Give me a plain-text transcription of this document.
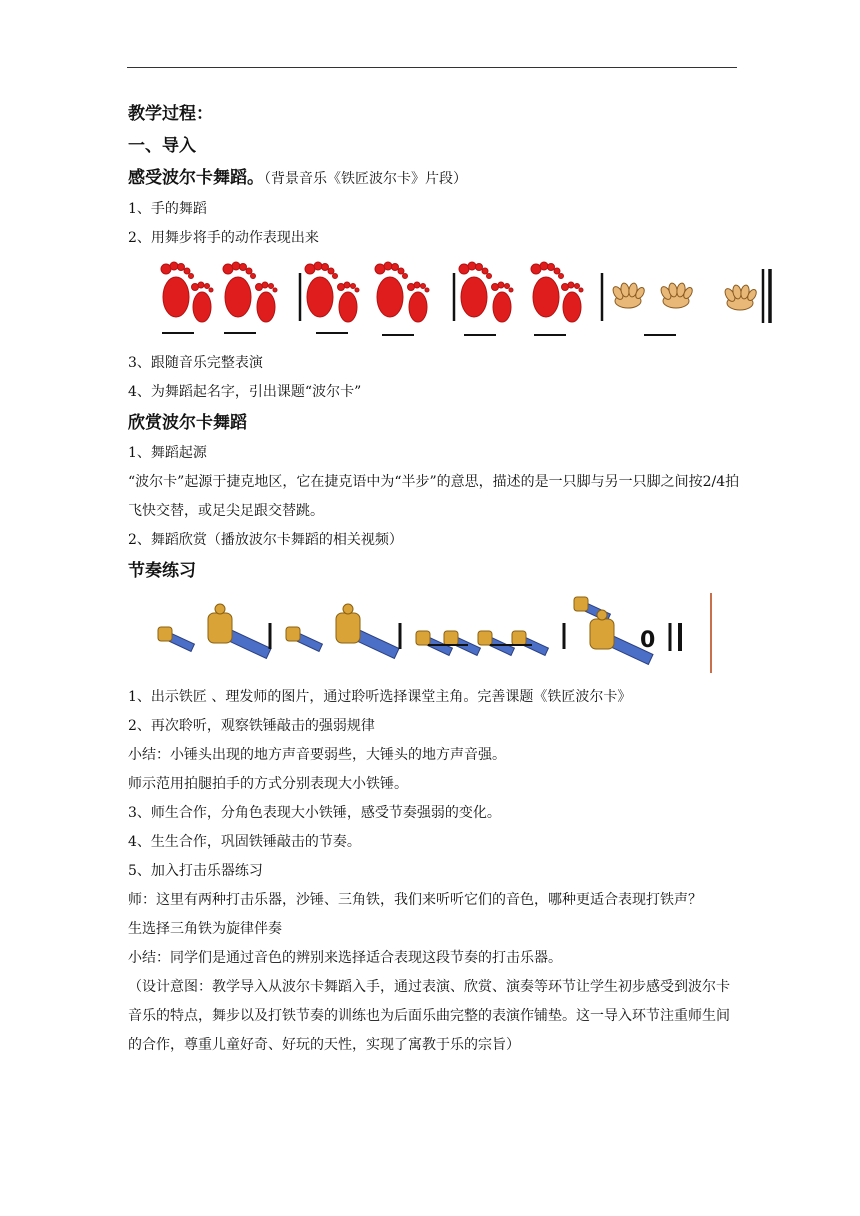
教学过程：
一、导入
感受波尔卡舞蹈。（背景音乐《铁匠波尔卡》片段）
1、手的舞蹈
2、用舞步将手的动作表现出来
3、跟随音乐完整表演
4、为舞蹈起名字，引出课题“波尔卡”
欣赏波尔卡舞蹈
1、舞蹈起源
“波尔卡”起源于捷克地区，它在捷克语中为“半步”的意思，描述的是一只脚与另一只脚之间按2/4拍飞快交替，或足尖足跟交替跳。
2、舞蹈欣赏（播放波尔卡舞蹈的相关视频）
节奏练习
0
1、出示铁匠 、理发师的图片，通过聆听选择课堂主角。完善课题《铁匠波尔卡》
2、再次聆听，观察铁锤敲击的强弱规律
小结：小锤头出现的地方声音要弱些，大锤头的地方声音强。
师示范用拍腿拍手的方式分别表现大小铁锤。
3、师生合作，分角色表现大小铁锤，感受节奏强弱的变化。
4、生生合作，巩固铁锤敲击的节奏。
5、加入打击乐器练习
师：这里有两种打击乐器，沙锤、三角铁，我们来听听它们的音色，哪种更适合表现打铁声？
生选择三角铁为旋律伴奏
小结：同学们是通过音色的辨别来选择适合表现这段节奏的打击乐器。
（设计意图：教学导入从波尔卡舞蹈入手，通过表演、欣赏、演奏等环节让学生初步感受到波尔卡音乐的特点，舞步以及打铁节奏的训练也为后面乐曲完整的表演作铺垫。这一导入环节注重师生间的合作，尊重儿童好奇、好玩的天性，实现了寓教于乐的宗旨）
